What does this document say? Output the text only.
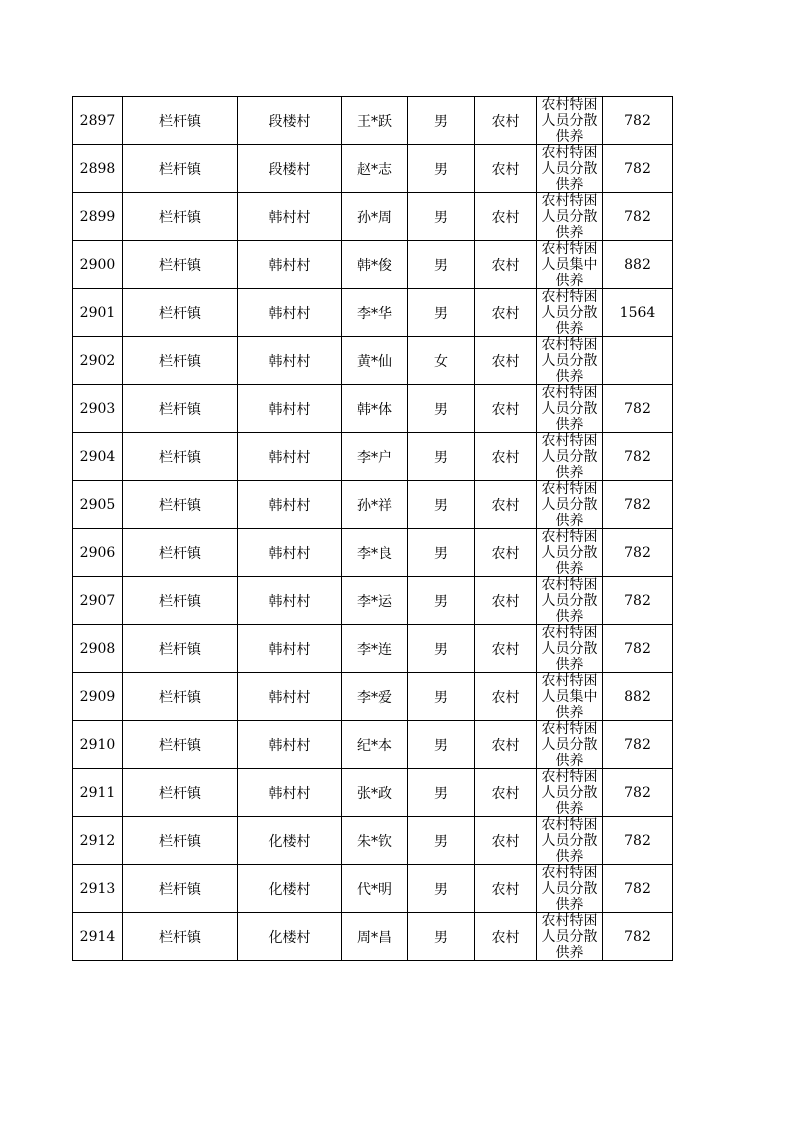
2897	栏杆镇	段楼村	王*跃	男	农村	农村特困人员分散供养	782
2898	栏杆镇	段楼村	赵*志	男	农村	农村特困人员分散供养	782
2899	栏杆镇	韩村村	孙*周	男	农村	农村特困人员分散供养	782
2900	栏杆镇	韩村村	韩*俊	男	农村	农村特困人员集中供养	882
2901	栏杆镇	韩村村	李*华	男	农村	农村特困人员分散供养	1564
2902	栏杆镇	韩村村	黄*仙	女	农村	农村特困人员分散供养	

2903	栏杆镇	韩村村	韩*体	男	农村	农村特困人员分散供养	782
2904	栏杆镇	韩村村	李*户	男	农村	农村特困人员分散供养	782
2905	栏杆镇	韩村村	孙*祥	男	农村	农村特困人员分散供养	782
2906	栏杆镇	韩村村	李*良	男	农村	农村特困人员分散供养	782
2907	栏杆镇	韩村村	李*运	男	农村	农村特困人员分散供养	782
2908	栏杆镇	韩村村	李*连	男	农村	农村特困人员分散供养	782
2909	栏杆镇	韩村村	李*爱	男	农村	农村特困人员集中供养	882
2910	栏杆镇	韩村村	纪*本	男	农村	农村特困人员分散供养	782
2911	栏杆镇	韩村村	张*政	男	农村	农村特困人员分散供养	782
2912	栏杆镇	化楼村	朱*钦	男	农村	农村特困人员分散供养	782
2913	栏杆镇	化楼村	代*明	男	农村	农村特困人员分散供养	782
2914	栏杆镇	化楼村	周*昌	男	农村	农村特困人员分散供养	782
